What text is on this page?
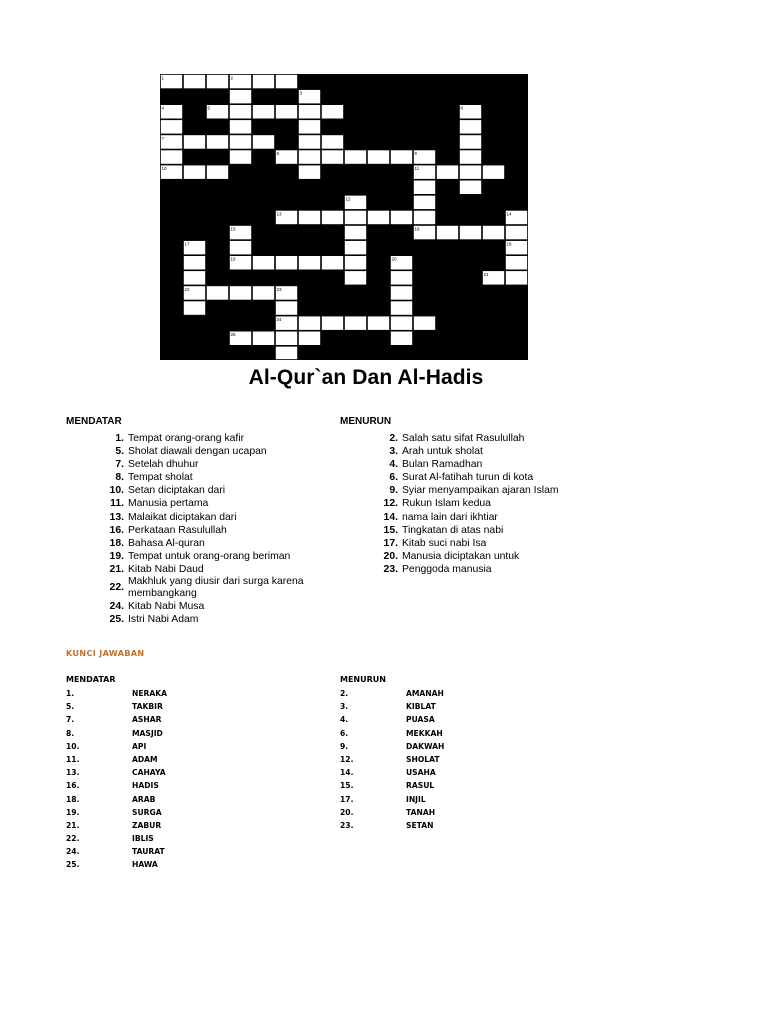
1	2
3
4	5	6
7
8	9
10	11
12
13	14
15	16
17	18
19	20
21
22	23
24
25
Al-Qur`an Dan Al-Hadis
MENDATAR	MENURUN
1. Tempat orang-orang kafir
5. Sholat diawali dengan ucapan
7. Setelah dhuhur
8. Tempat sholat
10. Setan diciptakan dari
11. Manusia pertama
13. Malaikat diciptakan dari
16. Perkataan Rasulullah
18. Bahasa Al-quran
19. Tempat untuk orang-orang beriman
21. Kitab Nabi Daud
22.
Makhluk yang diusir dari surga karena membangkang
24. Kitab Nabi Musa
25. Istri Nabi Adam
2. Salah satu sifat Rasulullah
3. Arah untuk sholat
4. Bulan Ramadhan
6. Surat Al-fatihah turun di kota
9. Syiar menyampaikan ajaran Islam
12. Rukun Islam kedua
14. nama lain dari ikhtiar
15. Tingkatan di atas nabi
17. Kitab suci nabi Isa
20. Manusia diciptakan untuk
23. Penggoda manusia
KUNCI JAWABAN
MENDATAR	MENURUN
1.	NERAKA
5.	TAKBIR
7.	ASHAR
8.	MASJID
10.	API
11.	ADAM
13.	CAHAYA
16.	HADIS
18.	ARAB
19.	SURGA
21.	ZABUR
22.	IBLIS
24.	TAURAT
25.	HAWA
2.	AMANAH
3.	KIBLAT
4.	PUASA
6.	MEKKAH
9.	DAKWAH
12.	SHOLAT
14.	USAHA
15.	RASUL
17.	INJIL
20.	TANAH
23.	SETAN
